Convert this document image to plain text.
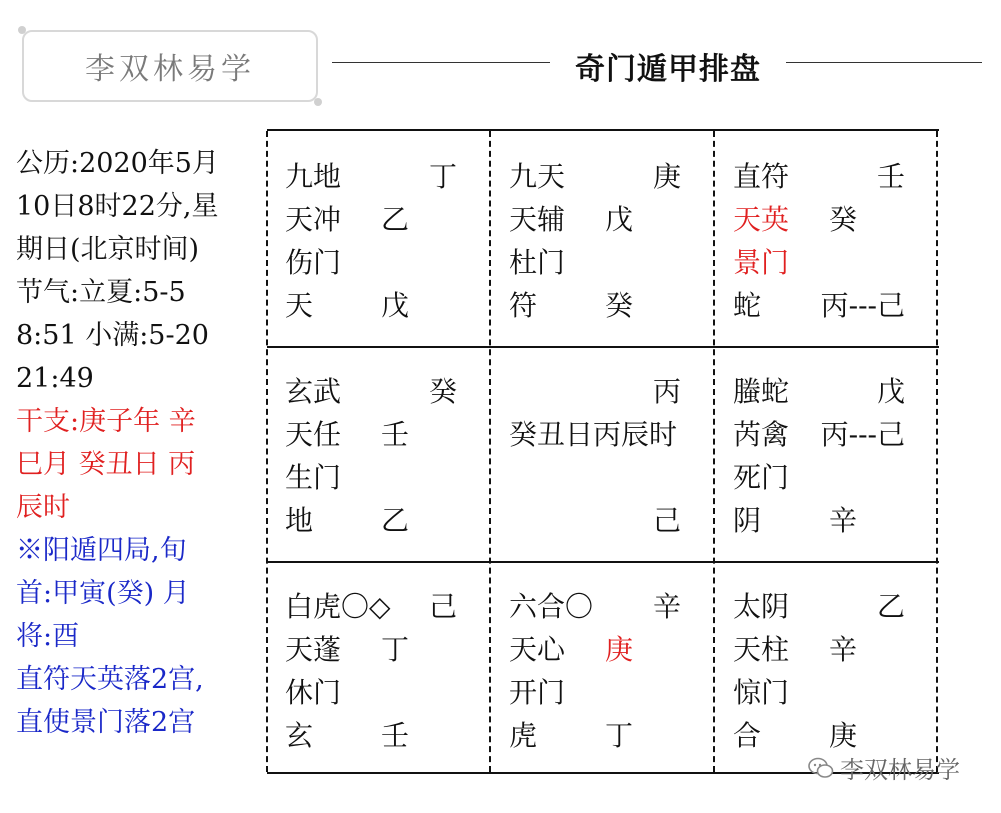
李双林易学	奇门遁甲排盘
公历:2020年5月
10日8时22分,星
期日(北京时间)
节气:立夏:5-5
8:51 小满:5-20
21:49
干支:庚子年 辛
巳月 癸丑日 丙
辰时
※阳遁四局,旬
首:甲寅(癸) 月
将:酉
直符天英落2宫,
直使景门落2宫
九地	丁
天冲 乙
伤门
天 戊
九天	庚
天辅 戊
杜门
符 癸
直符	壬
天英 癸
景门
蛇 丙---己
玄武	癸
天任 壬
生门
地 乙
丙
癸丑日丙辰时
己
螣蛇	戊
芮禽 丙---己
死门
阴 辛
白虎〇◇ 己
天蓬 丁
休门
玄 壬
六合〇 辛
天心 庚
开门
虎 丁
太阴	乙
天柱 辛
惊门
合 庚
李双林易学
